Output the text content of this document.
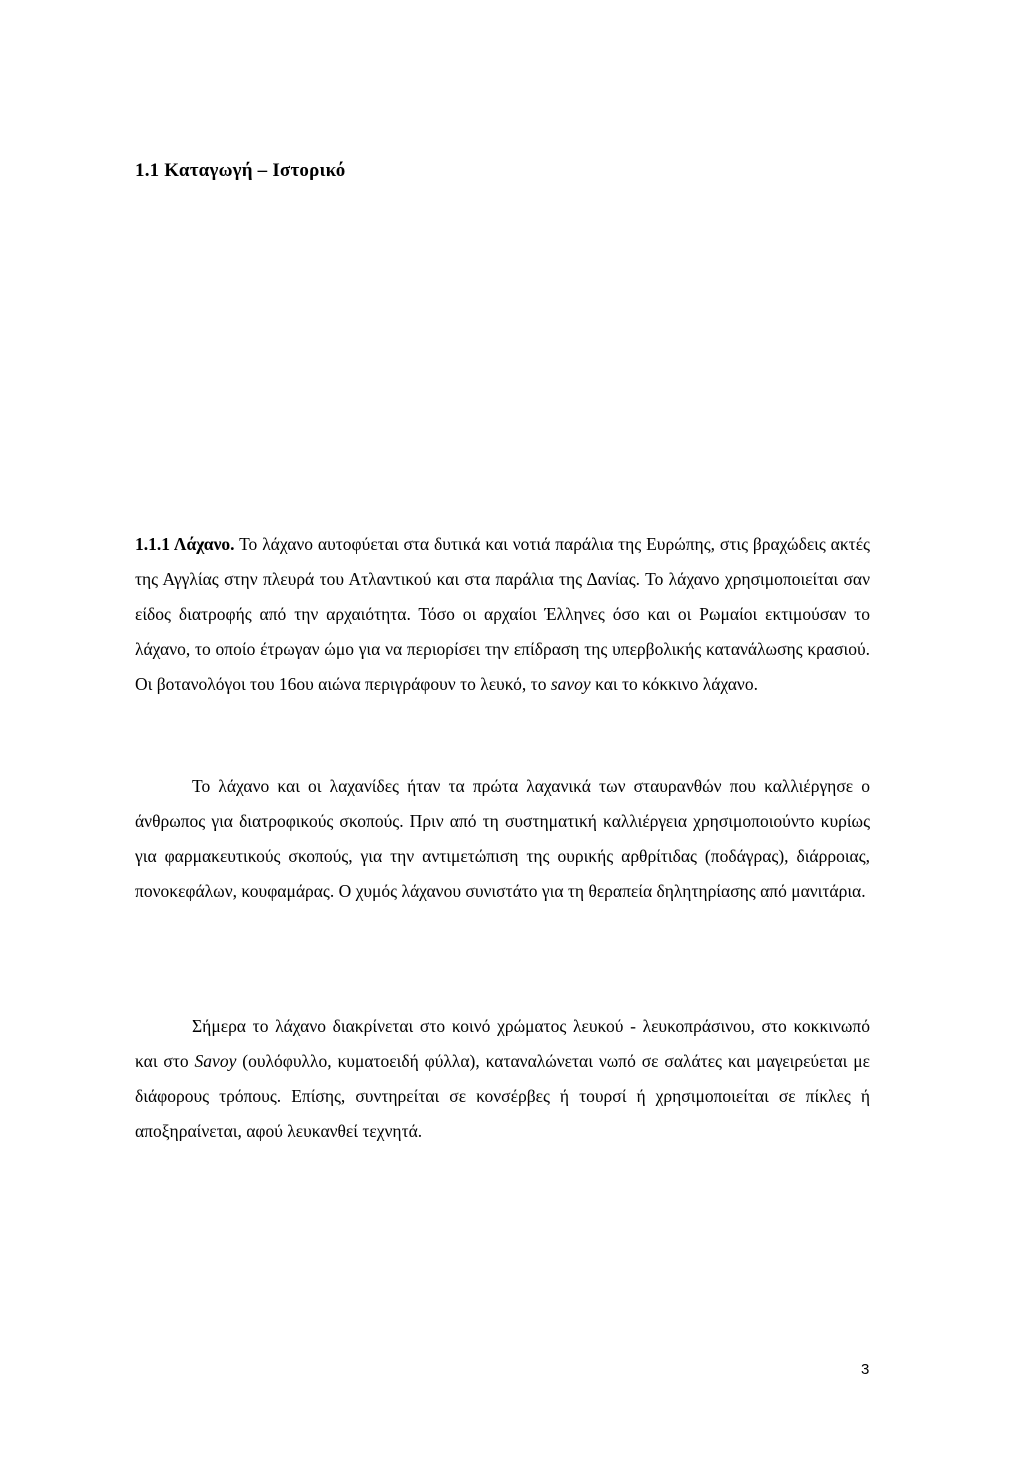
1.1 Καταγωγή – Ιστορικό

1.1.1 Λάχανο. Το λάχανο αυτοφύεται στα δυτικά και νοτιά παράλια της Ευρώπης, στις βραχώδεις ακτές της Αγγλίας στην πλευρά του Ατλαντικού και στα παράλια της Δανίας. Το λάχανο χρησιμοποιείται σαν είδος διατροφής από την αρχαιότητα. Τόσο οι αρχαίοι Έλληνες όσο και οι Ρωμαίοι εκτιμούσαν το λάχανο, το οποίο έτρωγαν ώμο για να περιορίσει την επίδραση της υπερβολικής κατανάλωσης κρασιού. Οι βοτανολόγοι του 16ου αιώνα περιγράφουν το λευκό, το savoy και το κόκκινο λάχανο.

Το λάχανο και οι λαχανίδες ήταν τα πρώτα λαχανικά των σταυρανθών που καλλιέργησε ο άνθρωπος για διατροφικούς σκοπούς. Πριν από τη συστηματική καλλιέργεια χρησιμοποιούντο κυρίως για φαρμακευτικούς σκοπούς, για την αντιμετώπιση της ουρικής αρθρίτιδας (ποδάγρας), διάρροιας, πονοκεφάλων, κουφαμάρας. Ο χυμός λάχανου συνιστάτο για τη θεραπεία δηλητηρίασης από μανιτάρια.

Σήμερα το λάχανο διακρίνεται στο κοινό χρώματος λευκού - λευκοπράσινου, στο κοκκινωπό και στο Savoy (ουλόφυλλο, κυματοειδή φύλλα), καταναλώνεται νωπό σε σαλάτες και μαγειρεύεται με διάφορους τρόπους. Επίσης, συντηρείται σε κονσέρβες ή τουρσί ή χρησιμοποιείται σε πίκλες ή αποξηραίνεται, αφού λευκανθεί τεχνητά.

3
